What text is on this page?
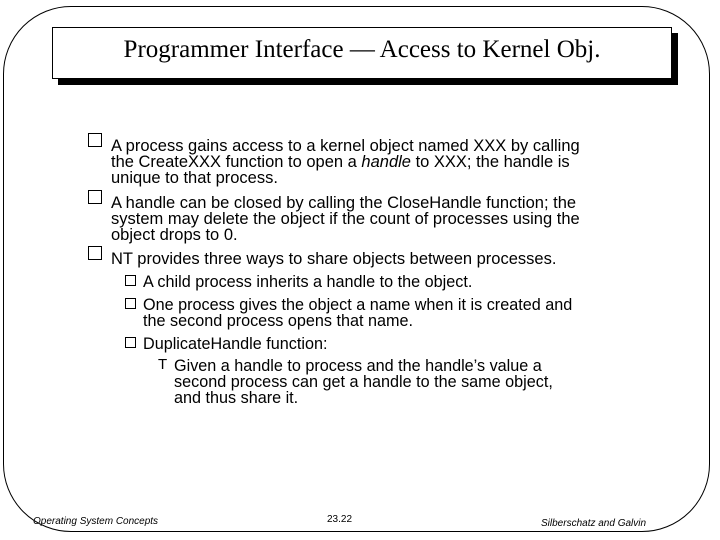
Programmer Interface — Access to Kernel Obj.
A process gains access to a kernel object named XXX by calling
the CreateXXX function to open a handle to XXX; the handle is
unique to that process.
A handle can be closed by calling the CloseHandle function; the
system may delete the object if the count of processes using the
object drops to 0.
NT provides three ways to share objects between processes.
A child process inherits a handle to the object.
One process gives the object a name when it is created and
the second process opens that name.
DuplicateHandle function:
T Given a handle to process and the handle’s value a
second process can get a handle to the same object,
and thus share it.
Operating System Concepts	23.22	Silberschatz and Galvin
